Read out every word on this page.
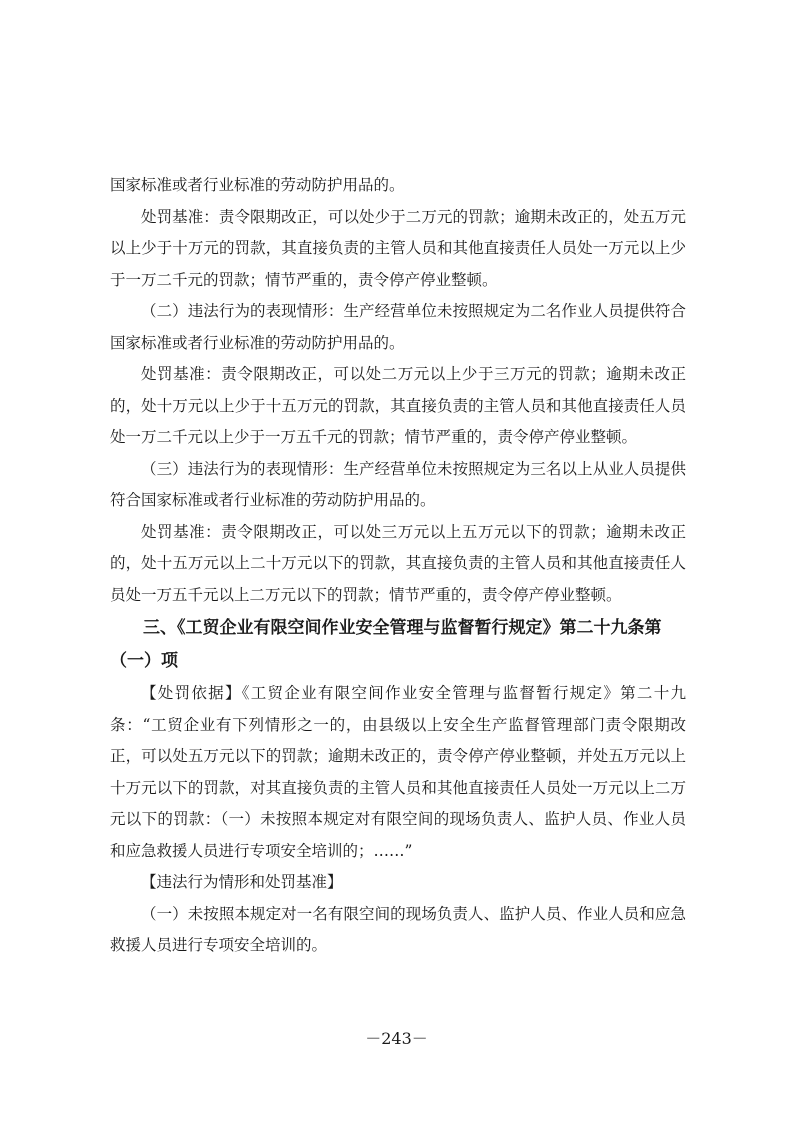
国家标准或者行业标准的劳动防护用品的。

处罚基准：责令限期改正，可以处少于二万元的罚款；逾期未改正的，处五万元以上少于十万元的罚款，其直接负责的主管人员和其他直接责任人员处一万元以上少于一万二千元的罚款；情节严重的，责令停产停业整顿。

（二）违法行为的表现情形：生产经营单位未按照规定为二名作业人员提供符合国家标准或者行业标准的劳动防护用品的。

处罚基准：责令限期改正，可以处二万元以上少于三万元的罚款；逾期未改正的，处十万元以上少于十五万元的罚款，其直接负责的主管人员和其他直接责任人员处一万二千元以上少于一万五千元的罚款；情节严重的，责令停产停业整顿。

（三）违法行为的表现情形：生产经营单位未按照规定为三名以上从业人员提供符合国家标准或者行业标准的劳动防护用品的。

处罚基准：责令限期改正，可以处三万元以上五万元以下的罚款；逾期未改正的，处十五万元以上二十万元以下的罚款，其直接负责的主管人员和其他直接责任人员处一万五千元以上二万元以下的罚款；情节严重的，责令停产停业整顿。

三、《工贸企业有限空间作业安全管理与监督暂行规定》第二十九条第（一）项

【处罚依据】《工贸企业有限空间作业安全管理与监督暂行规定》第二十九条：“工贸企业有下列情形之一的，由县级以上安全生产监督管理部门责令限期改正，可以处五万元以下的罚款；逾期未改正的，责令停产停业整顿，并处五万元以上十万元以下的罚款，对其直接负责的主管人员和其他直接责任人员处一万元以上二万元以下的罚款：（一）未按照本规定对有限空间的现场负责人、监护人员、作业人员和应急救援人员进行专项安全培训的；……”

【违法行为情形和处罚基准】

（一）未按照本规定对一名有限空间的现场负责人、监护人员、作业人员和应急救援人员进行专项安全培训的。

－243－
